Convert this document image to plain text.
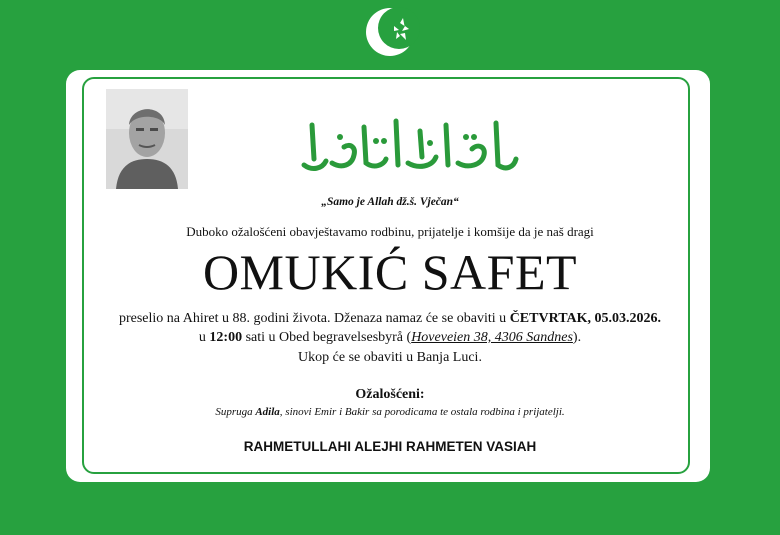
„Samo je Allah dž.š. Vječan“
Duboko ožalošćeni obavještavamo rodbinu, prijatelje i komšije da je naš dragi
OMUKIĆ SAFET
preselio na Ahiret u 88. godini života. Dženaza namaz će se obaviti u ČETVRTAK, 05.03.2026.
u 12:00 sati u Obed begravelsesbyrå (Hoveveien 38, 4306 Sandnes).
Ukop će se obaviti u Banja Luci.
Ožalošćeni:
Supruga Adila, sinovi Emir i Bakir sa porodicama te ostala rodbina i prijatelji.
RAHMETULLAHI ALEJHI RAHMETEN VASIAH
